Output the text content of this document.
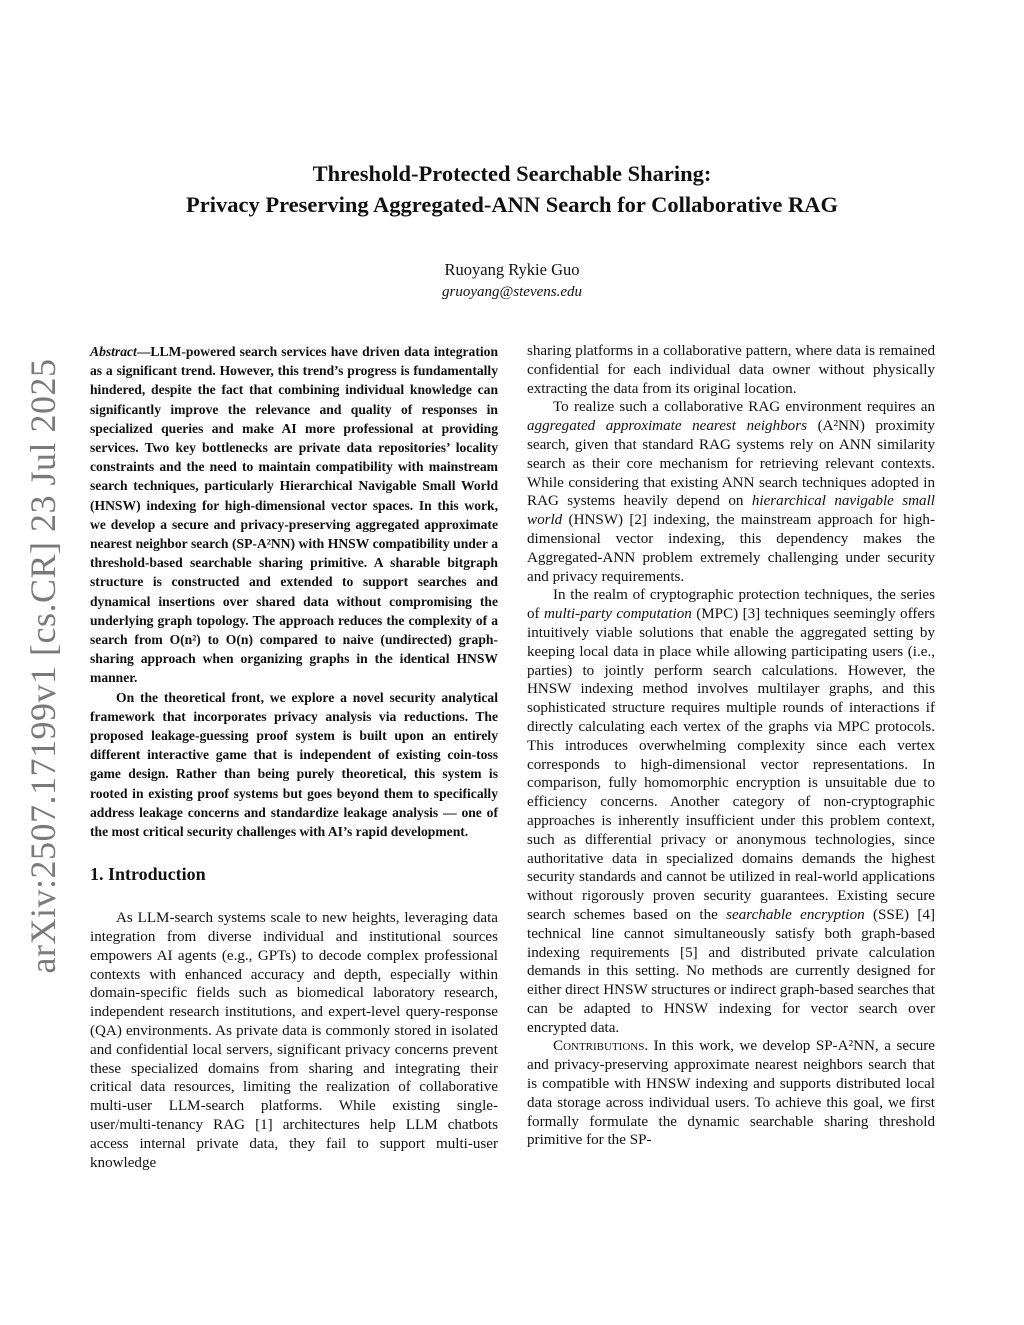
arXiv:2507.17199v1 [cs.CR] 23 Jul 2025
Threshold-Protected Searchable Sharing:
Privacy Preserving Aggregated-ANN Search for Collaborative RAG
Ruoyang Rykie Guo
gruoyang@stevens.edu

Abstract—LLM-powered search services have driven data integration as a significant trend. However, this trend’s progress is fundamentally hindered, despite the fact that combining individual knowledge can significantly improve the relevance and quality of responses in specialized queries and make AI more professional at providing services. Two key bottlenecks are private data repositories’ locality constraints and the need to maintain compatibility with mainstream search techniques, particularly Hierarchical Navigable Small World (HNSW) indexing for high-dimensional vector spaces. In this work, we develop a secure and privacy-preserving aggregated approximate nearest neighbor search (SP-A²NN) with HNSW compatibility under a threshold-based searchable sharing primitive. A sharable bitgraph structure is constructed and extended to support searches and dynamical insertions over shared data without compromising the underlying graph topology. The approach reduces the complexity of a search from O(n²) to O(n) compared to naive (undirected) graph-sharing approach when organizing graphs in the identical HNSW manner.

On the theoretical front, we explore a novel security analytical framework that incorporates privacy analysis via reductions. The proposed leakage-guessing proof system is built upon an entirely different interactive game that is independent of existing coin-toss game design. Rather than being purely theoretical, this system is rooted in existing proof systems but goes beyond them to specifically address leakage concerns and standardize leakage analysis — one of the most critical security challenges with AI’s rapid development.

1. Introduction

As LLM-search systems scale to new heights, leveraging data integration from diverse individual and institutional sources empowers AI agents (e.g., GPTs) to decode complex professional contexts with enhanced accuracy and depth, especially within domain-specific fields such as biomedical laboratory research, independent research institutions, and expert-level query-response (QA) environments. As private data is commonly stored in isolated and confidential local servers, significant privacy concerns prevent these specialized domains from sharing and integrating their critical data resources, limiting the realization of collaborative multi-user LLM-search platforms. While existing single-user/multi-tenancy RAG [1] architectures help LLM chatbots access internal private data, they fail to support multi-user knowledge

sharing platforms in a collaborative pattern, where data is remained confidential for each individual data owner without physically extracting the data from its original location.

To realize such a collaborative RAG environment requires an aggregated approximate nearest neighbors (A²NN) proximity search, given that standard RAG systems rely on ANN similarity search as their core mechanism for retrieving relevant contexts. While considering that existing ANN search techniques adopted in RAG systems heavily depend on hierarchical navigable small world (HNSW) [2] indexing, the mainstream approach for high-dimensional vector indexing, this dependency makes the Aggregated-ANN problem extremely challenging under security and privacy requirements.

In the realm of cryptographic protection techniques, the series of multi-party computation (MPC) [3] techniques seemingly offers intuitively viable solutions that enable the aggregated setting by keeping local data in place while allowing participating users (i.e., parties) to jointly perform search calculations. However, the HNSW indexing method involves multilayer graphs, and this sophisticated structure requires multiple rounds of interactions if directly calculating each vertex of the graphs via MPC protocols. This introduces overwhelming complexity since each vertex corresponds to high-dimensional vector representations. In comparison, fully homomorphic encryption is unsuitable due to efficiency concerns. Another category of non-cryptographic approaches is inherently insufficient under this problem context, such as differential privacy or anonymous technologies, since authoritative data in specialized domains demands the highest security standards and cannot be utilized in real-world applications without rigorously proven security guarantees. Existing secure search schemes based on the searchable encryption (SSE) [4] technical line cannot simultaneously satisfy both graph-based indexing requirements [5] and distributed private calculation demands in this setting. No methods are currently designed for either direct HNSW structures or indirect graph-based searches that can be adapted to HNSW indexing for vector search over encrypted data.

Contributions. In this work, we develop SP-A²NN, a secure and privacy-preserving approximate nearest neighbors search that is compatible with HNSW indexing and supports distributed local data storage across individual users. To achieve this goal, we first formally formulate the dynamic searchable sharing threshold primitive for the SP-
